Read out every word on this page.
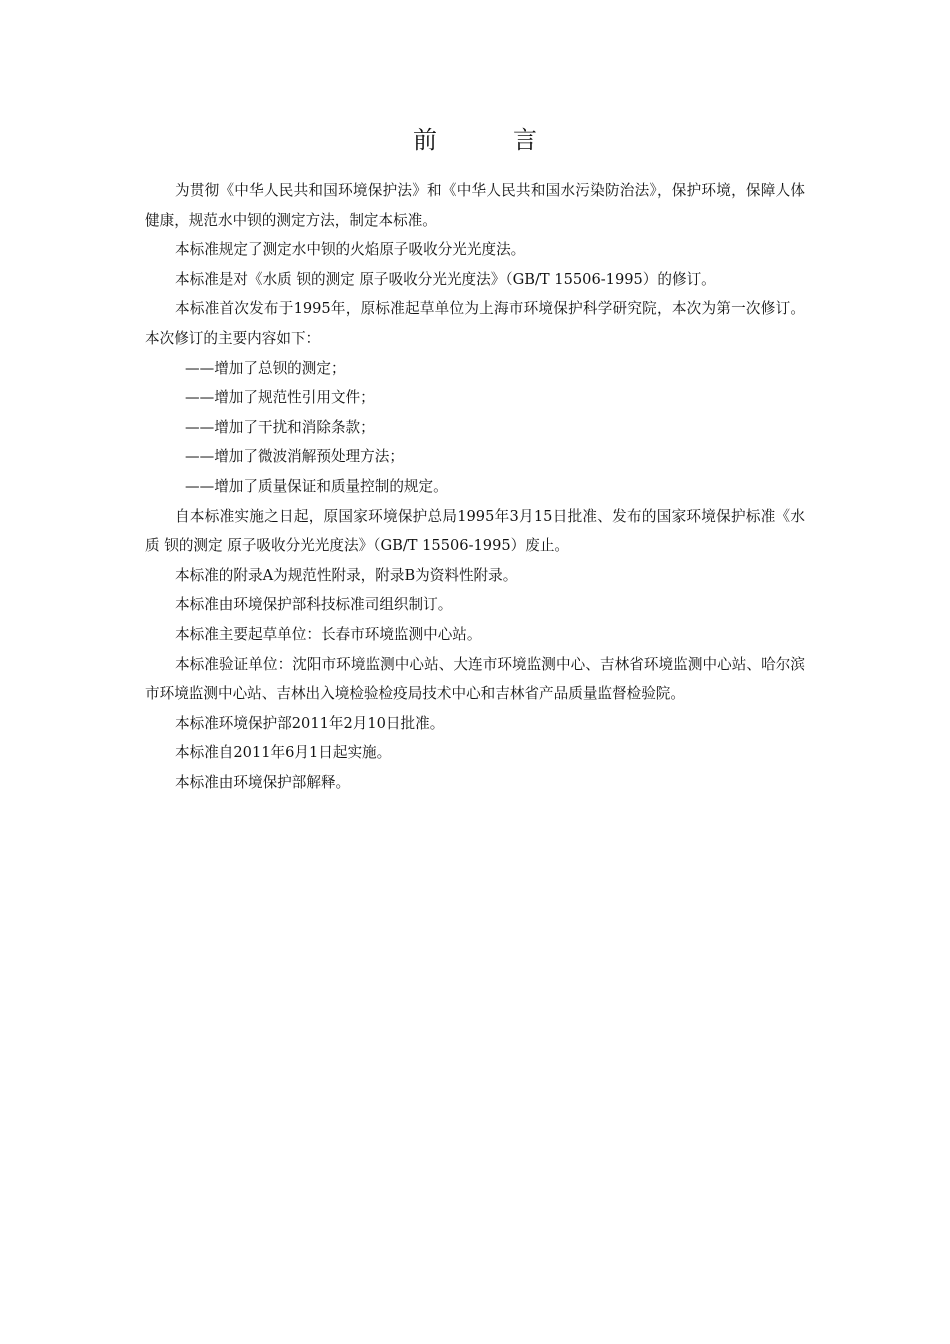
前　言

为贯彻《中华人民共和国环境保护法》和《中华人民共和国水污染防治法》，保护环境，保障人体健康，规范水中钡的测定方法，制定本标准。

本标准规定了测定水中钡的火焰原子吸收分光光度法。

本标准是对《水质 钡的测定 原子吸收分光光度法》（GB/T 15506-1995）的修订。

本标准首次发布于1995年，原标准起草单位为上海市环境保护科学研究院，本次为第一次修订。本次修订的主要内容如下：

——增加了总钡的测定；

——增加了规范性引用文件；

——增加了干扰和消除条款；

——增加了微波消解预处理方法；

——增加了质量保证和质量控制的规定。

自本标准实施之日起，原国家环境保护总局1995年3月15日批准、发布的国家环境保护标准《水质 钡的测定 原子吸收分光光度法》（GB/T 15506-1995）废止。

本标准的附录A为规范性附录，附录B为资料性附录。

本标准由环境保护部科技标准司组织制订。

本标准主要起草单位：长春市环境监测中心站。

本标准验证单位：沈阳市环境监测中心站、大连市环境监测中心、吉林省环境监测中心站、哈尔滨市环境监测中心站、吉林出入境检验检疫局技术中心和吉林省产品质量监督检验院。

本标准环境保护部2011年2月10日批准。

本标准自2011年6月1日起实施。

本标准由环境保护部解释。
